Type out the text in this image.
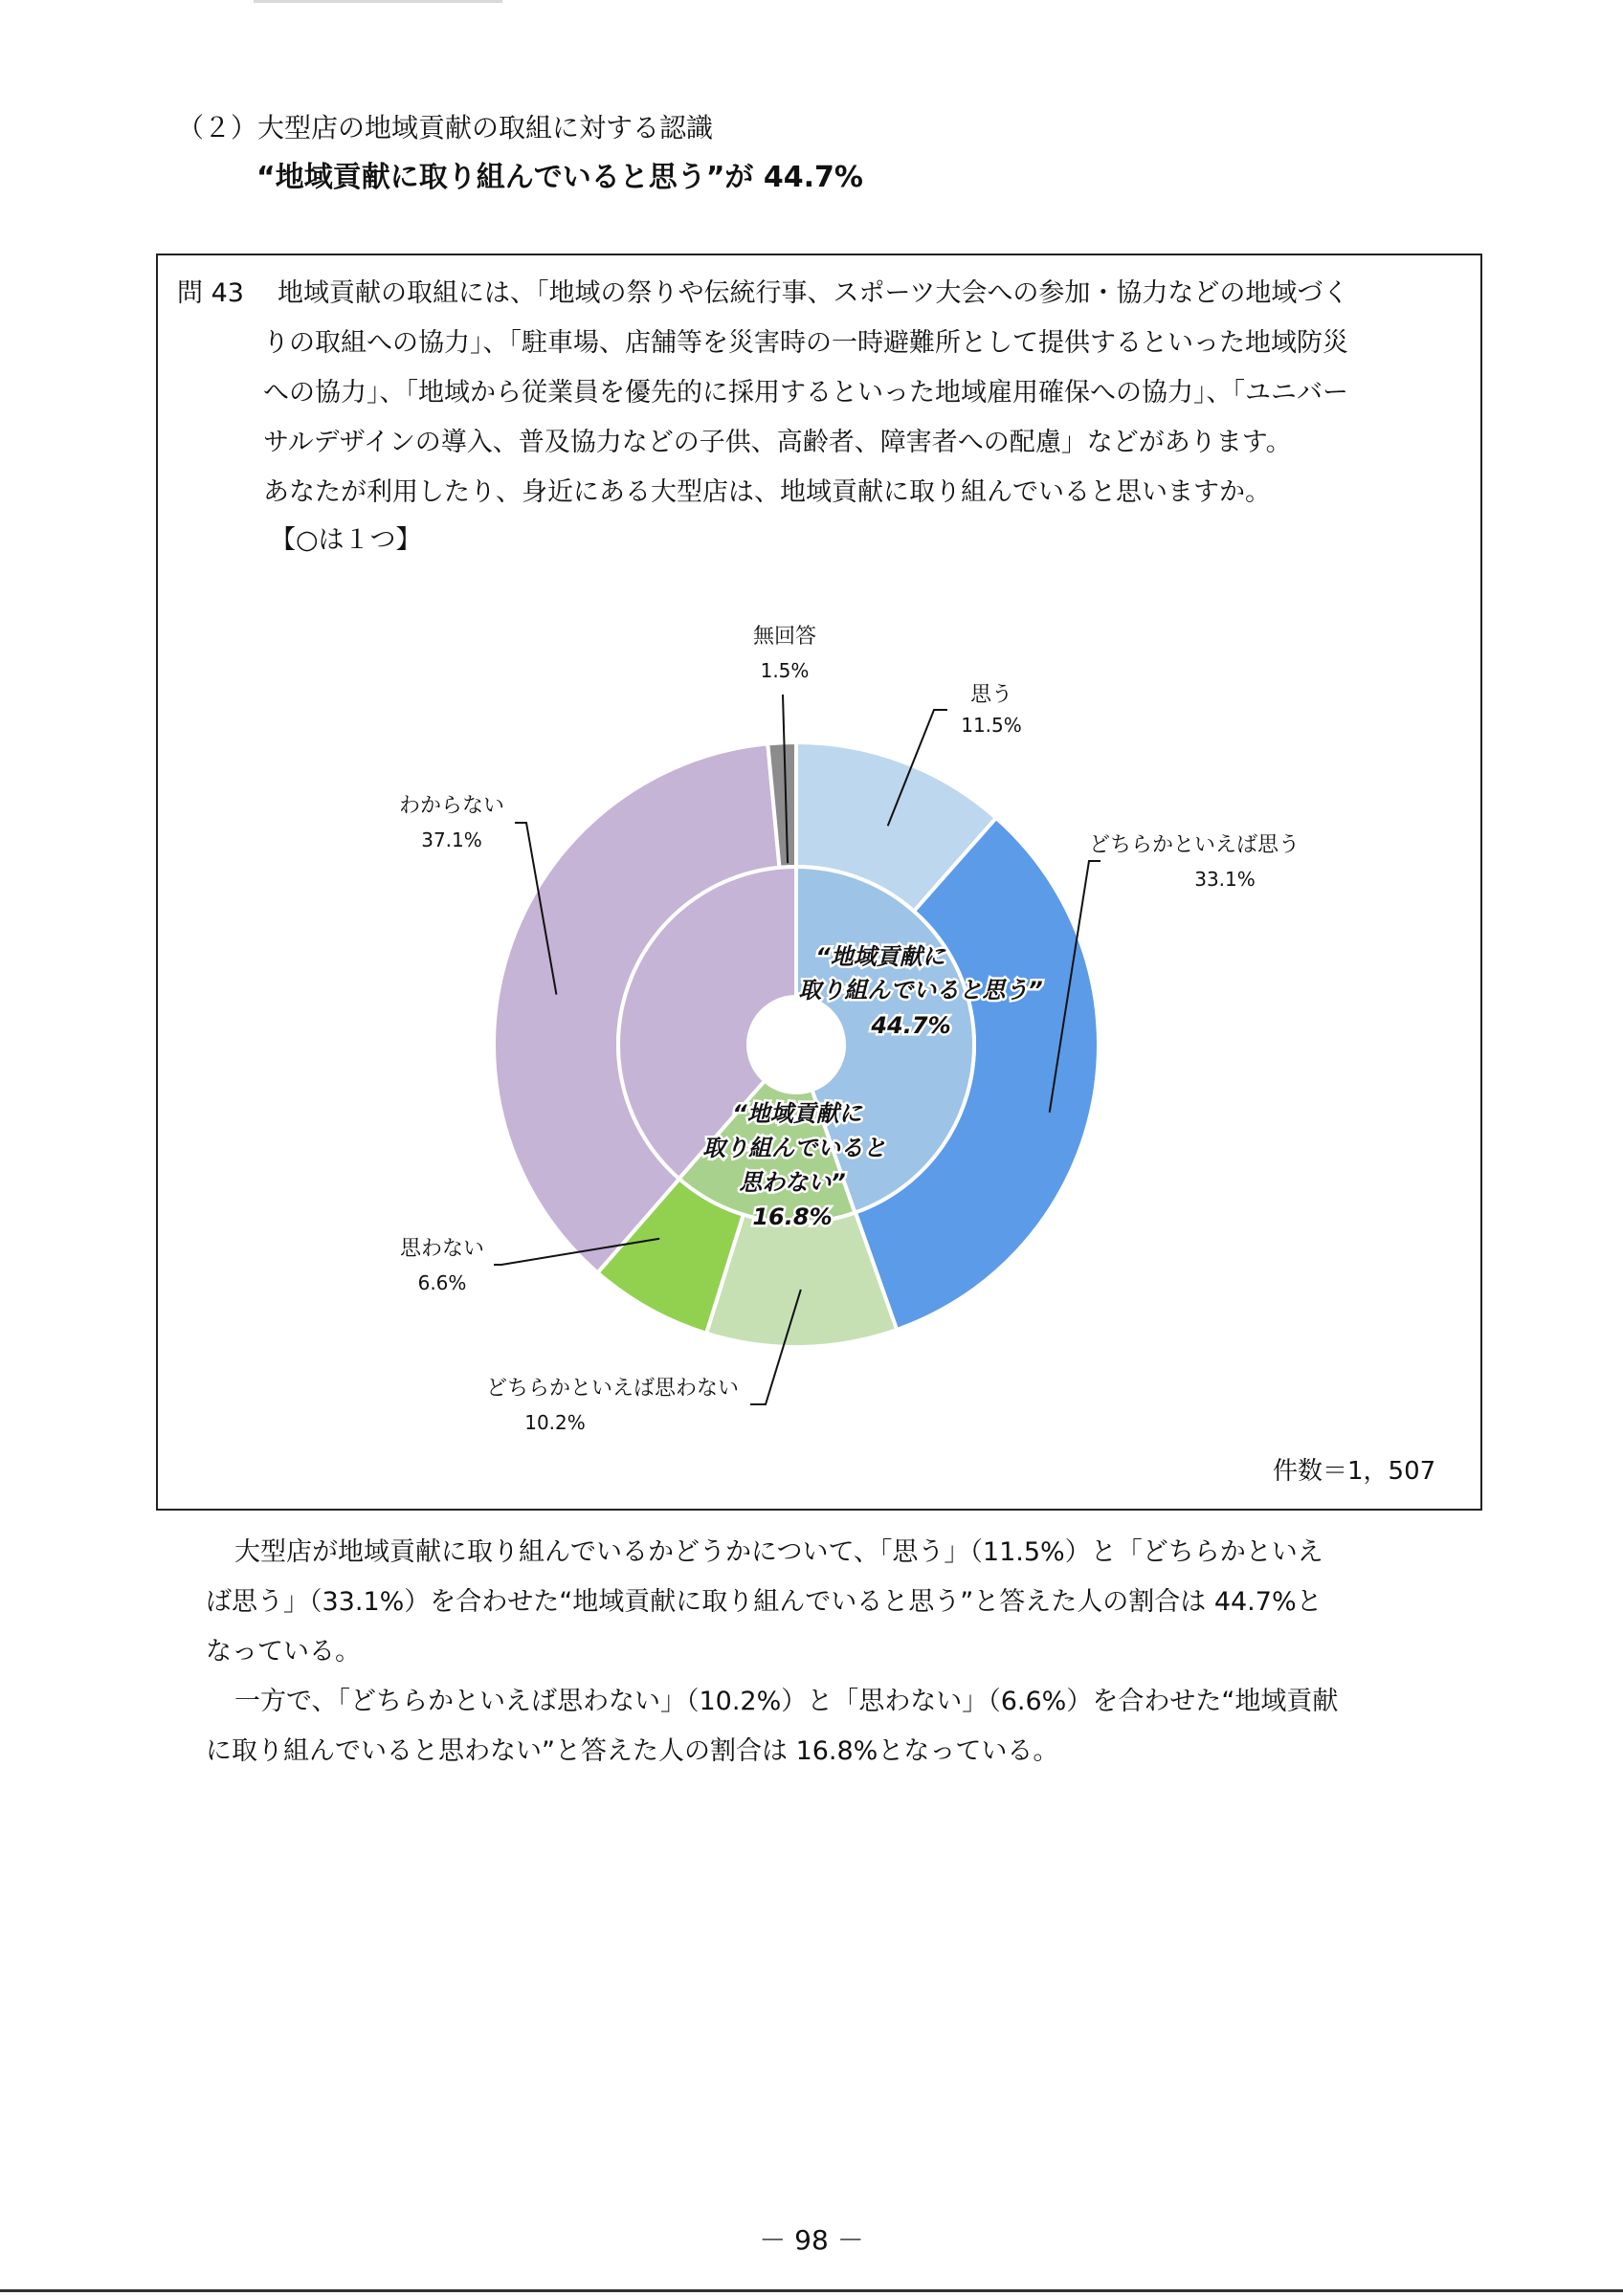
（２）大型店の地域貢献の取組に対する認識
“地域貢献に取り組んでいると思う”が 44.7%
問 43 地域貢献の取組には、「地域の祭りや伝統行事、スポーツ大会への参加・協力などの地域づく
りの取組への協力」、「駐車場、店舗等を災害時の一時避難所として提供するといった地域防災
への協力」、「地域から従業員を優先的に採用するといった地域雇用確保への協力」、「ユニバー
サルデザインの導入、普及協力などの子供、高齢者、障害者への配慮」などがあります。
あなたが利用したり、身近にある大型店は、地域貢献に取り組んでいると思いますか。
【○は１つ】
思う
11.5%
どちらかといえば思う
33.1%
どちらかといえば思わない
10.2%
思わない
6.6%
わからない
37.1%
無回答
1.5%
“地域貢献に
取り組んでいると思う”
44.7%
“地域貢献に
取り組んでいると
思わない”
16.8%
件数＝1，507
大型店が地域貢献に取り組んでいるかどうかについて、「思う」（11.5%）と「どちらかといえ
ば思う」（33.1%）を合わせた“地域貢献に取り組んでいると思う”と答えた人の割合は 44.7%と
なっている。
一方で、「どちらかといえば思わない」（10.2%）と「思わない」（6.6%）を合わせた“地域貢献
に取り組んでいると思わない”と答えた人の割合は 16.8%となっている。
－ 98 －
